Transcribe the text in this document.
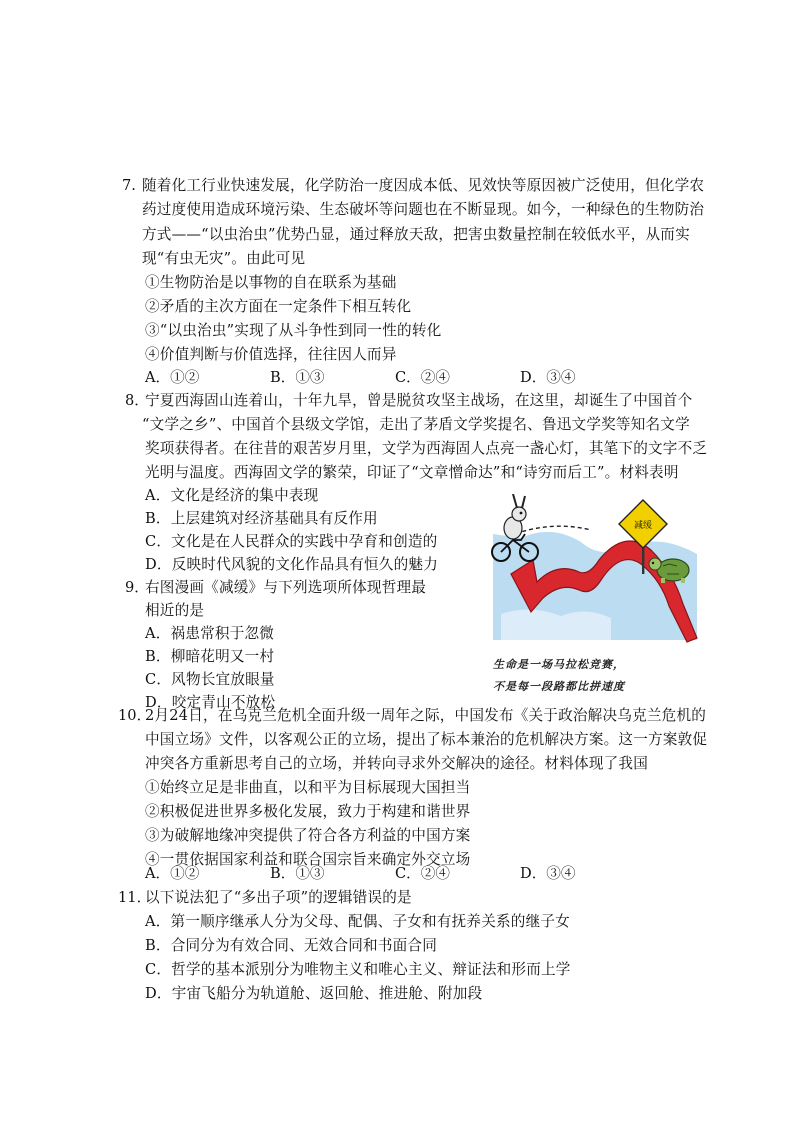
7. 随着化工行业快速发展，化学防治一度因成本低、见效快等原因被广泛使用，但化学农
药过度使用造成环境污染、生态破坏等问题也在不断显现。如今，一种绿色的生物防治
方式——“以虫治虫”优势凸显，通过释放天敌，把害虫数量控制在较低水平，从而实
现“有虫无灾”。由此可见
①生物防治是以事物的自在联系为基础
②矛盾的主次方面在一定条件下相互转化
③“以虫治虫”实现了从斗争性到同一性的转化
④价值判断与价值选择，往往因人而异
A．①②	B．①③	C．②④	D．③④
8．
宁夏西海固山连着山，十年九旱，曾是脱贫攻坚主战场，在这里，却诞生了中国首个
“文学之乡”、中国首个县级文学馆，走出了茅盾文学奖提名、鲁迅文学奖等知名文学
奖项获得者。在往昔的艰苦岁月里，文学为西海固人点亮一盏心灯，其笔下的文字不乏
光明与温度。西海固文学的繁荣，印证了“文章憎命达”和“诗穷而后工”。材料表明
A．文化是经济的集中表现
B．上层建筑对经济基础具有反作用
C．文化是在人民群众的实践中孕育和创造的
D．反映时代风貌的文化作品具有恒久的魅力
9．
右图漫画《减缓》与下列选项所体现哲理最
相近的是
A．祸患常积于忽微
B．柳暗花明又一村
C．风物长宜放眼量
D．咬定青山不放松
减缓
生命是一场马拉松竞赛，
不是每一段路都比拼速度
10．
2月24日，在乌克兰危机全面升级一周年之际，中国发布《关于政治解决乌克兰危机的
中国立场》文件，以客观公正的立场，提出了标本兼治的危机解决方案。这一方案敦促
冲突各方重新思考自己的立场，并转向寻求外交解决的途径。材料体现了我国
①始终立足是非曲直，以和平为目标展现大国担当
②积极促进世界多极化发展，致力于构建和谐世界
③为破解地缘冲突提供了符合各方利益的中国方案
④一贯依据国家利益和联合国宗旨来确定外交立场
A．①②	B．①③	C．②④	D．③④
11．
以下说法犯了“多出子项”的逻辑错误的是
A．第一顺序继承人分为父母、配偶、子女和有抚养关系的继子女
B．合同分为有效合同、无效合同和书面合同
C．哲学的基本派别分为唯物主义和唯心主义、辩证法和形而上学
D．宇宙飞船分为轨道舱、返回舱、推进舱、附加段
